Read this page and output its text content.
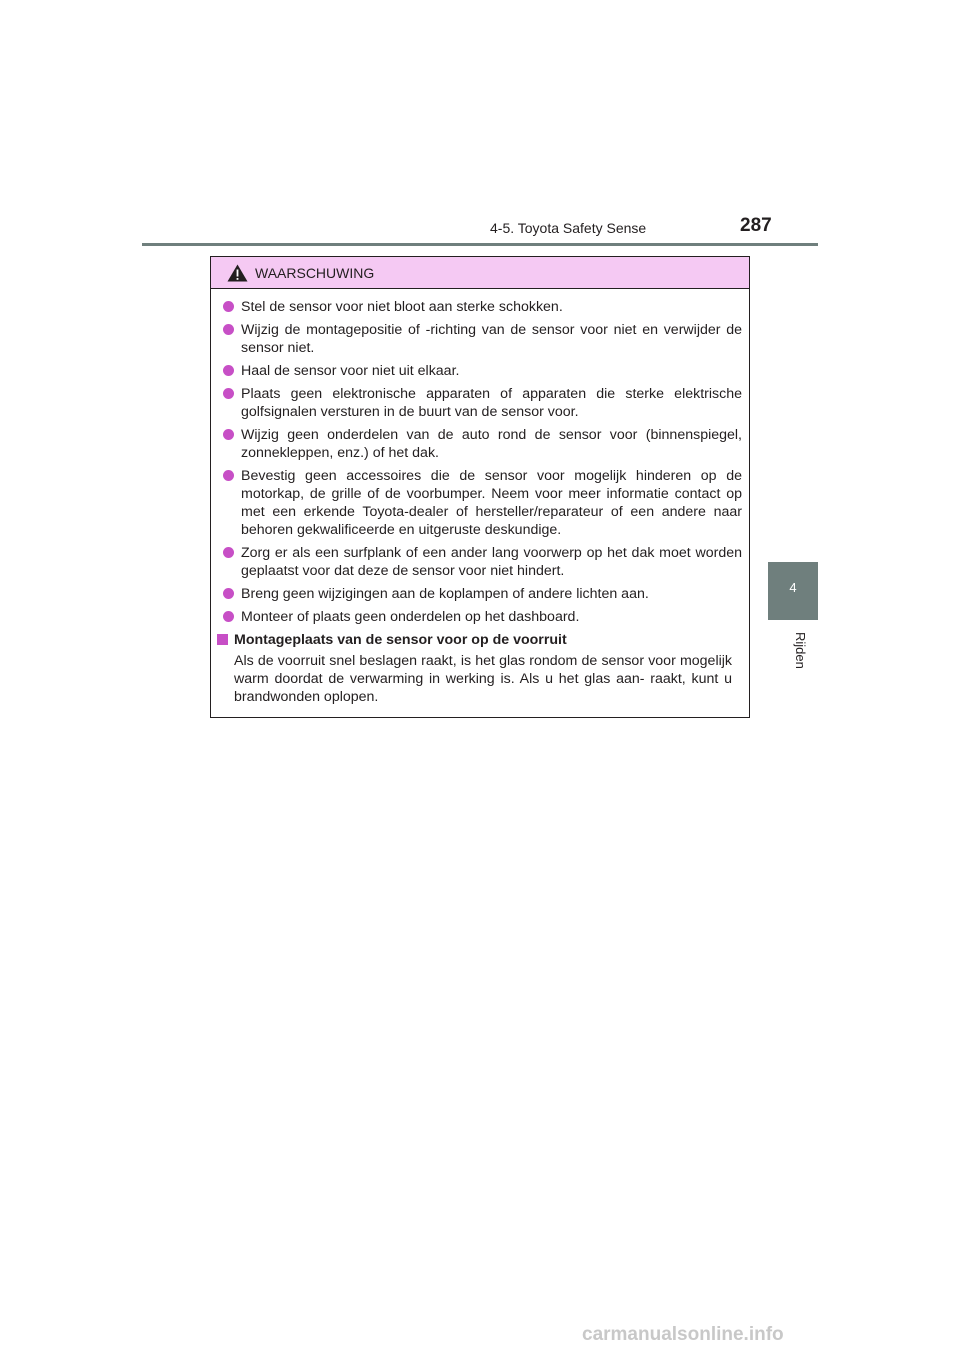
4-5. Toyota Safety Sense	287
4
Rijden
WAARSCHUWING
Stel de sensor voor niet bloot aan sterke schokken.
Wijzig de montagepositie of -richting van de sensor voor niet en verwijder de sensor niet.
Haal de sensor voor niet uit elkaar.
Plaats geen elektronische apparaten of apparaten die sterke elektrische golfsignalen versturen in de buurt van de sensor voor.
Wijzig geen onderdelen van de auto rond de sensor voor (binnenspiegel, zonnekleppen, enz.) of het dak.
Bevestig geen accessoires die de sensor voor mogelijk hinderen op de motorkap, de grille of de voorbumper. Neem voor meer informatie contact op met een erkende Toyota-dealer of hersteller/reparateur of een andere naar behoren gekwalificeerde en uitgeruste deskundige.
Zorg er als een surfplank of een ander lang voorwerp op het dak moet worden geplaatst voor dat deze de sensor voor niet hindert.
Breng geen wijzigingen aan de koplampen of andere lichten aan.
Monteer of plaats geen onderdelen op het dashboard.
Montageplaats van de sensor voor op de voorruit
Als de voorruit snel beslagen raakt, is het glas rondom de sensor voor mogelijk warm doordat de verwarming in werking is. Als u het glas aan- raakt, kunt u brandwonden oplopen.
carmanualsonline.info
